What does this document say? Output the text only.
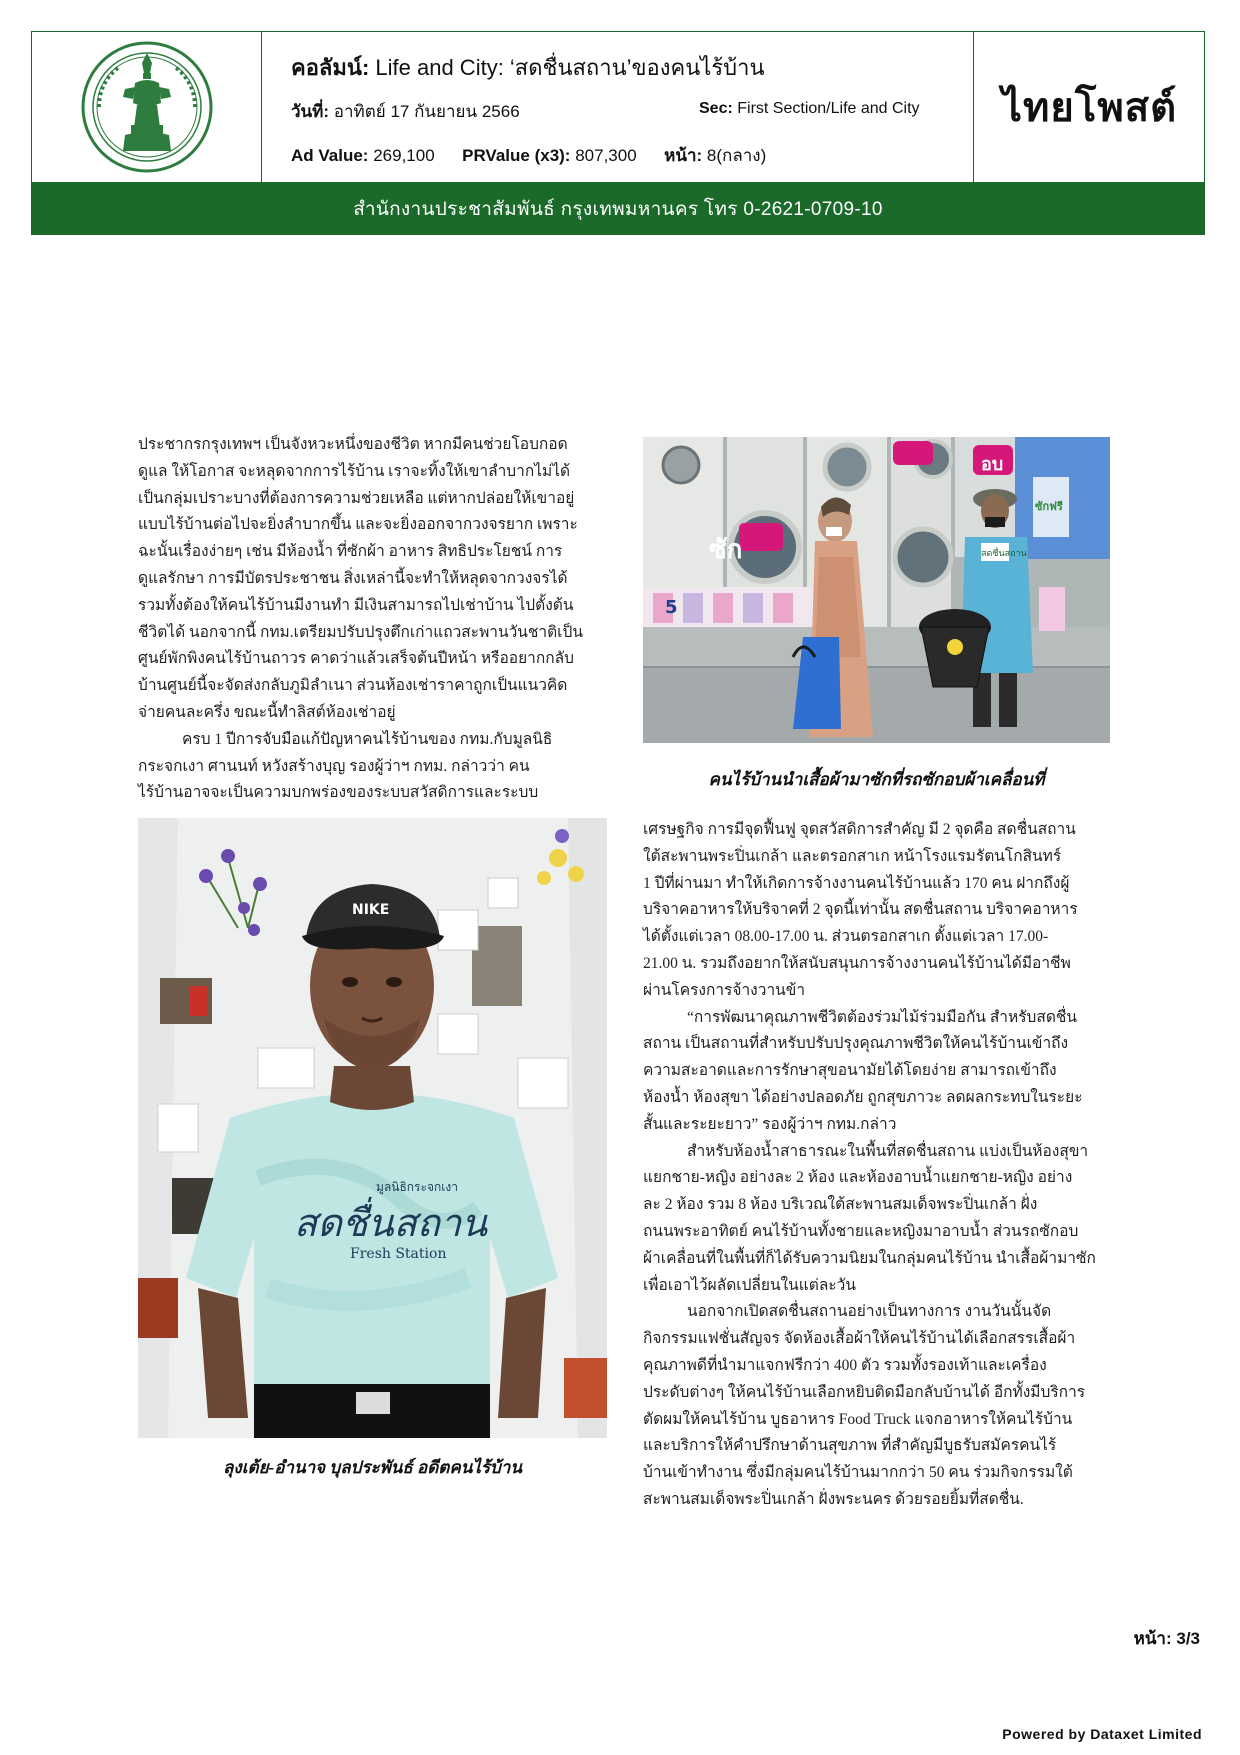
คอลัมน์: Life and City: ‘สดชื่นสถาน’ของคนไร้บ้าน
วันที่: อาทิตย์ 17 กันยายน 2566	Sec: First Section/Life and City
Ad Value: 269,100 PRValue (x3): 807,300 หน้า: 8(กลาง)
ไทยโพสต์
สำนักงานประชาสัมพันธ์ กรุงเทพมหานคร โทร 0-2621-0709-10
ประชากรกรุงเทพฯ เป็นจังหวะหนึ่งของชีวิต หากมีคนช่วยโอบกอด
ดูแล ให้โอกาส จะหลุดจากการไร้บ้าน เราจะทิ้งให้เขาลำบากไม่ได้
เป็นกลุ่มเปราะบางที่ต้องการความช่วยเหลือ แต่หากปล่อยให้เขาอยู่
แบบไร้บ้านต่อไปจะยิ่งลำบากขึ้น และจะยิ่งออกจากวงจรยาก เพราะ
ฉะนั้นเรื่องง่ายๆ เช่น มีห้องน้ำ ที่ซักผ้า อาหาร สิทธิประโยชน์ การ
ดูแลรักษา การมีบัตรประชาชน สิ่งเหล่านี้จะทำให้หลุดจากวงจรได้
รวมทั้งต้องให้คนไร้บ้านมีงานทำ มีเงินสามารถไปเช่าบ้าน ไปตั้งต้น
ชีวิตได้ นอกจากนี้ กทม.เตรียมปรับปรุงตึกเก่าแถวสะพานวันชาติเป็น
ศูนย์พักพิงคนไร้บ้านถาวร คาดว่าแล้วเสร็จต้นปีหน้า หรืออยากกลับ
บ้านศูนย์นี้จะจัดส่งกลับภูมิลำเนา ส่วนห้องเช่าราคาถูกเป็นแนวคิด
จ่ายคนละครึ่ง ขณะนี้ทำลิสต์ห้องเช่าอยู่
ครบ 1 ปีการจับมือแก้ปัญหาคนไร้บ้านของ กทม.กับมูลนิธิ
กระจกเงา ศานนท์ หวังสร้างบุญ รองผู้ว่าฯ กทม. กล่าวว่า คน
ไร้บ้านอาจจะเป็นความบกพร่องของระบบสวัสดิการและระบบ
ซัก
อบ
5
สดชื่นสถาน
ซักฟรี
คนไร้บ้านนำเสื้อผ้ามาซักที่รถซักอบผ้าเคลื่อนที่
NIKE
มูลนิธิกระจกเงา
สดชื่นสถาน
Fresh Station
ลุงเต้ย-อำนาจ บุลประพันธ์ อดีตคนไร้บ้าน
เศรษฐกิจ การมีจุดฟื้นฟู จุดสวัสดิการสำคัญ มี 2 จุดคือ สดชื่นสถาน
ใต้สะพานพระปิ่นเกล้า และตรอกสาเก หน้าโรงแรมรัตนโกสินทร์
1 ปีที่ผ่านมา ทำให้เกิดการจ้างงานคนไร้บ้านแล้ว 170 คน ฝากถึงผู้
บริจาคอาหารให้บริจาคที่ 2 จุดนี้เท่านั้น สดชื่นสถาน บริจาคอาหาร
ได้ตั้งแต่เวลา 08.00-17.00 น. ส่วนตรอกสาเก ตั้งแต่เวลา 17.00-
21.00 น. รวมถึงอยากให้สนับสนุนการจ้างงานคนไร้บ้านได้มีอาชีพ
ผ่านโครงการจ้างวานข้า
“การพัฒนาคุณภาพชีวิตต้องร่วมไม้ร่วมมือกัน สำหรับสดชื่น
สถาน เป็นสถานที่สำหรับปรับปรุงคุณภาพชีวิตให้คนไร้บ้านเข้าถึง
ความสะอาดและการรักษาสุขอนามัยได้โดยง่าย สามารถเข้าถึง
ห้องน้ำ ห้องสุขา ได้อย่างปลอดภัย ถูกสุขภาวะ ลดผลกระทบในระยะ
สั้นและระยะยาว” รองผู้ว่าฯ กทม.กล่าว
สำหรับห้องน้ำสาธารณะในพื้นที่สดชื่นสถาน แบ่งเป็นห้องสุขา
แยกชาย-หญิง อย่างละ 2 ห้อง และห้องอาบน้ำแยกชาย-หญิง อย่าง
ละ 2 ห้อง รวม 8 ห้อง บริเวณใต้สะพานสมเด็จพระปิ่นเกล้า ฝั่ง
ถนนพระอาทิตย์ คนไร้บ้านทั้งชายและหญิงมาอาบน้ำ ส่วนรถซักอบ
ผ้าเคลื่อนที่ในพื้นที่ก็ได้รับความนิยมในกลุ่มคนไร้บ้าน นำเสื้อผ้ามาซัก
เพื่อเอาไว้ผลัดเปลี่ยนในแต่ละวัน
นอกจากเปิดสดชื่นสถานอย่างเป็นทางการ งานวันนั้นจัด
กิจกรรมแฟชั่นสัญจร จัดห้องเสื้อผ้าให้คนไร้บ้านได้เลือกสรรเสื้อผ้า
คุณภาพดีที่นำมาแจกฟรีกว่า 400 ตัว รวมทั้งรองเท้าและเครื่อง
ประดับต่างๆ ให้คนไร้บ้านเลือกหยิบติดมือกลับบ้านได้ อีกทั้งมีบริการ
ตัดผมให้คนไร้บ้าน บูธอาหาร Food Truck แจกอาหารให้คนไร้บ้าน
และบริการให้คำปรึกษาด้านสุขภาพ ที่สำคัญมีบูธรับสมัครคนไร้
บ้านเข้าทำงาน ซึ่งมีกลุ่มคนไร้บ้านมากกว่า 50 คน ร่วมกิจกรรมใต้
สะพานสมเด็จพระปิ่นเกล้า ฝั่งพระนคร ด้วยรอยยิ้มที่สดชื่น.
หน้า: 3/3
Powered by Dataxet Limited
